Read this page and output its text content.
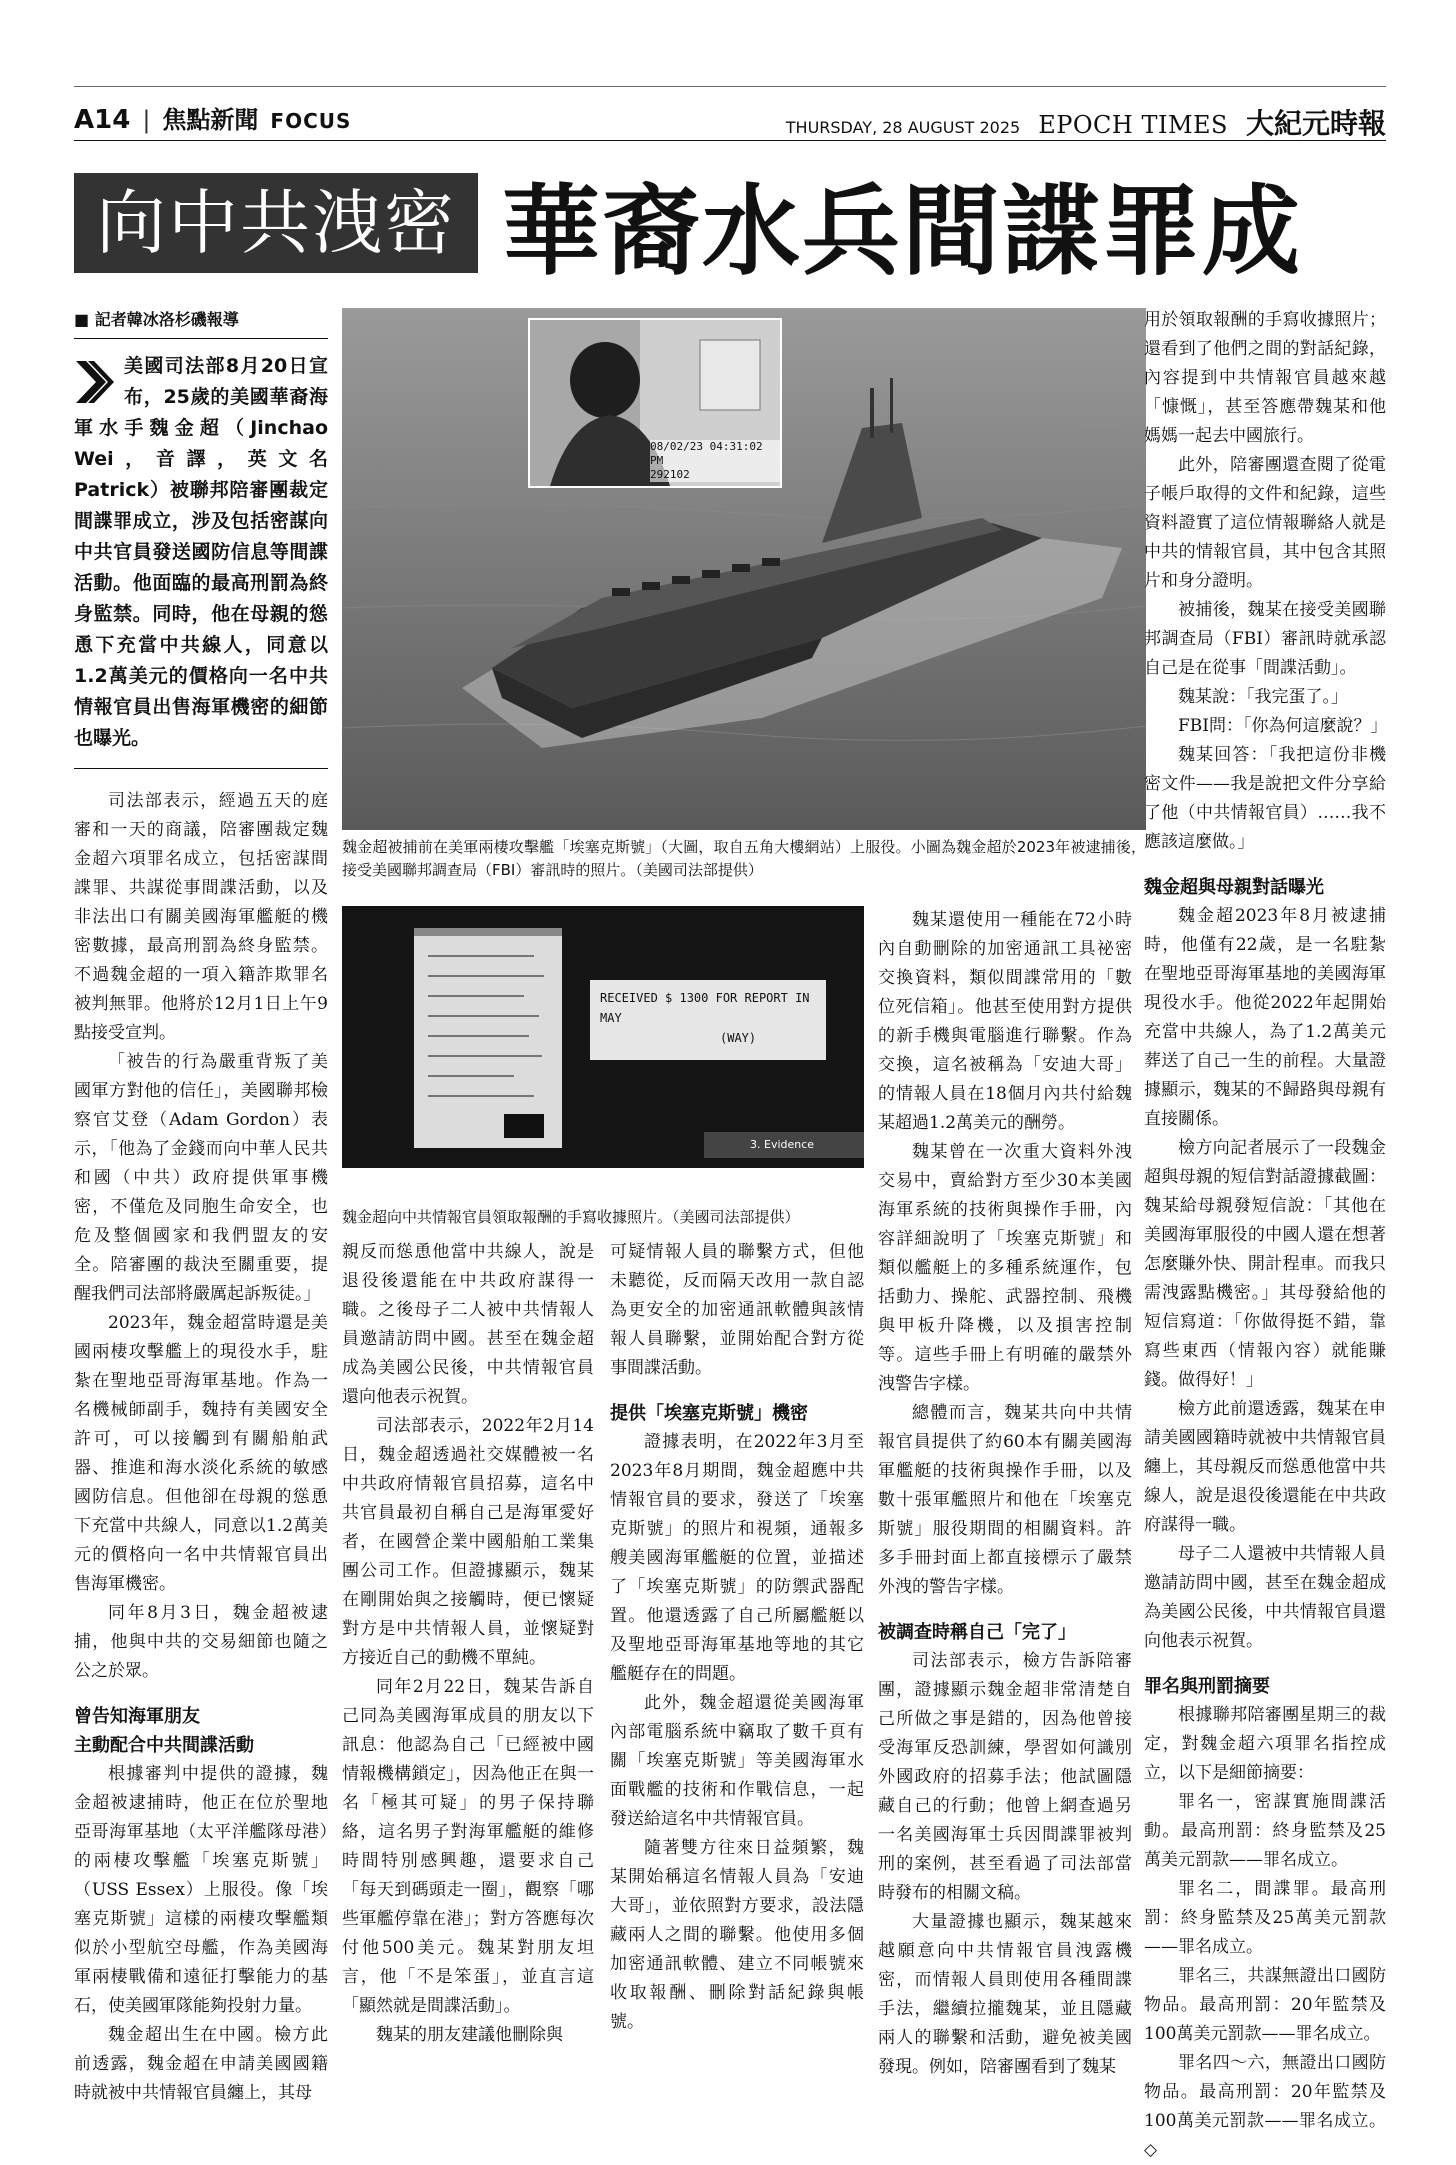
A14 | 焦點新聞 FOCUS	THURSDAY, 28 AUGUST 2025 EPOCH TIMES 大紀元時報
向中共洩密 華裔水兵間諜罪成
■ 記者韓冰洛杉磯報導
美國司法部8月20日宣布，25歲的美國華裔海軍水手魏金超（Jinchao Wei，音譯，英文名Patrick）被聯邦陪審團裁定間諜罪成立，涉及包括密謀向中共官員發送國防信息等間諜活動。他面臨的最高刑罰為終身監禁。同時，他在母親的慫恿下充當中共線人，同意以1.2萬美元的價格向一名中共情報官員出售海軍機密的細節也曝光。

司法部表示，經過五天的庭審和一天的商議，陪審團裁定魏金超六項罪名成立，包括密謀間諜罪、共謀從事間諜活動，以及非法出口有關美國海軍艦艇的機密數據，最高刑罰為終身監禁。不過魏金超的一項入籍詐欺罪名被判無罪。他將於12月1日上午9點接受宣判。

「被告的行為嚴重背叛了美國軍方對他的信任」，美國聯邦檢察官艾登（Adam Gordon）表示，「他為了金錢而向中華人民共和國（中共）政府提供軍事機密，不僅危及同胞生命安全，也危及整個國家和我們盟友的安全。陪審團的裁決至關重要，提醒我們司法部將嚴厲起訴叛徒。」

2023年，魏金超當時還是美國兩棲攻擊艦上的現役水手，駐紮在聖地亞哥海軍基地。作為一名機械師副手，魏持有美國安全許可，可以接觸到有關船舶武器、推進和海水淡化系統的敏感國防信息。但他卻在母親的慫恿下充當中共線人，同意以1.2萬美元的價格向一名中共情報官員出售海軍機密。

同年8月3日，魏金超被逮捕，他與中共的交易細節也隨之公之於眾。

曾告知海軍朋友
主動配合中共間諜活動

根據審判中提供的證據，魏金超被逮捕時，他正在位於聖地亞哥海軍基地（太平洋艦隊母港）的兩棲攻擊艦「埃塞克斯號」（USS Essex）上服役。像「埃塞克斯號」這樣的兩棲攻擊艦類似於小型航空母艦，作為美國海軍兩棲戰備和遠征打擊能力的基石，使美國軍隊能夠投射力量。

魏金超出生在中國。檢方此前透露，魏金超在申請美國國籍時就被中共情報官員纏上，其母

08/02/23 04:31:02 PM
292102
魏金超被捕前在美軍兩棲攻擊艦「埃塞克斯號」（大圖，取自五角大樓網站）上服役。小圖為魏金超於2023年被逮捕後，接受美國聯邦調查局（FBI）審訊時的照片。（美國司法部提供）
RECEIVED $ 1300 FOR REPORT IN MAY
(WAY)
3. Evidence
魏金超向中共情報官員領取報酬的手寫收據照片。（美國司法部提供）

親反而慫恿他當中共線人，說是退役後還能在中共政府謀得一職。之後母子二人被中共情報人員邀請訪問中國。甚至在魏金超成為美國公民後，中共情報官員還向他表示祝賀。

司法部表示，2022年2月14日，魏金超透過社交媒體被一名中共政府情報官員招募，這名中共官員最初自稱自己是海軍愛好者，在國營企業中國船舶工業集團公司工作。但證據顯示，魏某在剛開始與之接觸時，便已懷疑對方是中共情報人員，並懷疑對方接近自己的動機不單純。

同年2月22日，魏某告訴自己同為美國海軍成員的朋友以下訊息：他認為自己「已經被中國情報機構鎖定」，因為他正在與一名「極其可疑」的男子保持聯絡，這名男子對海軍艦艇的維修時間特別感興趣，還要求自己「每天到碼頭走一圈」，觀察「哪些軍艦停靠在港」；對方答應每次付他500美元。魏某對朋友坦言，他「不是笨蛋」，並直言這「顯然就是間諜活動」。

魏某的朋友建議他刪除與

可疑情報人員的聯繫方式，但他未聽從，反而隔天改用一款自認為更安全的加密通訊軟體與該情報人員聯繫，並開始配合對方從事間諜活動。

提供「埃塞克斯號」機密

證據表明，在2022年3月至2023年8月期間，魏金超應中共情報官員的要求，發送了「埃塞克斯號」的照片和視頻，通報多艘美國海軍艦艇的位置，並描述了「埃塞克斯號」的防禦武器配置。他還透露了自己所屬艦艇以及聖地亞哥海軍基地等地的其它艦艇存在的問題。

此外，魏金超還從美國海軍內部電腦系統中竊取了數千頁有關「埃塞克斯號」等美國海軍水面戰艦的技術和作戰信息，一起發送給這名中共情報官員。

隨著雙方往來日益頻繁，魏某開始稱這名情報人員為「安迪大哥」，並依照對方要求，設法隱藏兩人之間的聯繫。他使用多個加密通訊軟體、建立不同帳號來收取報酬、刪除對話紀錄與帳號。

魏某還使用一種能在72小時內自動刪除的加密通訊工具祕密交換資料，類似間諜常用的「數位死信箱」。他甚至使用對方提供的新手機與電腦進行聯繫。作為交換，這名被稱為「安迪大哥」的情報人員在18個月內共付給魏某超過1.2萬美元的酬勞。

魏某曾在一次重大資料外洩交易中，賣給對方至少30本美國海軍系統的技術與操作手冊，內容詳細說明了「埃塞克斯號」和類似艦艇上的多種系統運作，包括動力、操舵、武器控制、飛機與甲板升降機，以及損害控制等。這些手冊上有明確的嚴禁外洩警告字樣。

總體而言，魏某共向中共情報官員提供了約60本有關美國海軍艦艇的技術與操作手冊，以及數十張軍艦照片和他在「埃塞克斯號」服役期間的相關資料。許多手冊封面上都直接標示了嚴禁外洩的警告字樣。

被調查時稱自己「完了」

司法部表示，檢方告訴陪審團，證據顯示魏金超非常清楚自己所做之事是錯的，因為他曾接受海軍反恐訓練，學習如何識別外國政府的招募手法；他試圖隱藏自己的行動；他曾上網查過另一名美國海軍士兵因間諜罪被判刑的案例，甚至看過了司法部當時發布的相關文稿。

大量證據也顯示，魏某越來越願意向中共情報官員洩露機密，而情報人員則使用各種間諜手法，繼續拉攏魏某，並且隱藏兩人的聯繫和活動，避免被美國發現。例如，陪審團看到了魏某

用於領取報酬的手寫收據照片；還看到了他們之間的對話紀錄，內容提到中共情報官員越來越「慷慨」，甚至答應帶魏某和他媽媽一起去中國旅行。

此外，陪審團還查閱了從電子帳戶取得的文件和紀錄，這些資料證實了這位情報聯絡人就是中共的情報官員，其中包含其照片和身分證明。

被捕後，魏某在接受美國聯邦調查局（FBI）審訊時就承認自己是在從事「間諜活動」。

魏某說：「我完蛋了。」

FBI問：「你為何這麼說？」

魏某回答：「我把這份非機密文件——我是說把文件分享給了他（中共情報官員）……我不應該這麼做。」

魏金超與母親對話曝光

魏金超2023年8月被逮捕時，他僅有22歲，是一名駐紮在聖地亞哥海軍基地的美國海軍現役水手。他從2022年起開始充當中共線人，為了1.2萬美元葬送了自己一生的前程。大量證據顯示，魏某的不歸路與母親有直接關係。

檢方向記者展示了一段魏金超與母親的短信對話證據截圖：魏某給母親發短信說：「其他在美國海軍服役的中國人還在想著怎麼賺外快、開計程車。而我只需洩露點機密。」其母發給他的短信寫道：「你做得挺不錯，靠寫些東西（情報內容）就能賺錢。做得好！」

檢方此前還透露，魏某在申請美國國籍時就被中共情報官員纏上，其母親反而慫恿他當中共線人，說是退役後還能在中共政府謀得一職。

母子二人還被中共情報人員邀請訪問中國，甚至在魏金超成為美國公民後，中共情報官員還向他表示祝賀。

罪名與刑罰摘要

根據聯邦陪審團星期三的裁定，對魏金超六項罪名指控成立，以下是細節摘要：

罪名一，密謀實施間諜活動。最高刑罰：終身監禁及25萬美元罰款——罪名成立。

罪名二，間諜罪。最高刑罰：終身監禁及25萬美元罰款——罪名成立。

罪名三，共謀無證出口國防物品。最高刑罰：20年監禁及100萬美元罰款——罪名成立。

罪名四～六，無證出口國防物品。最高刑罰：20年監禁及100萬美元罰款——罪名成立。◇
